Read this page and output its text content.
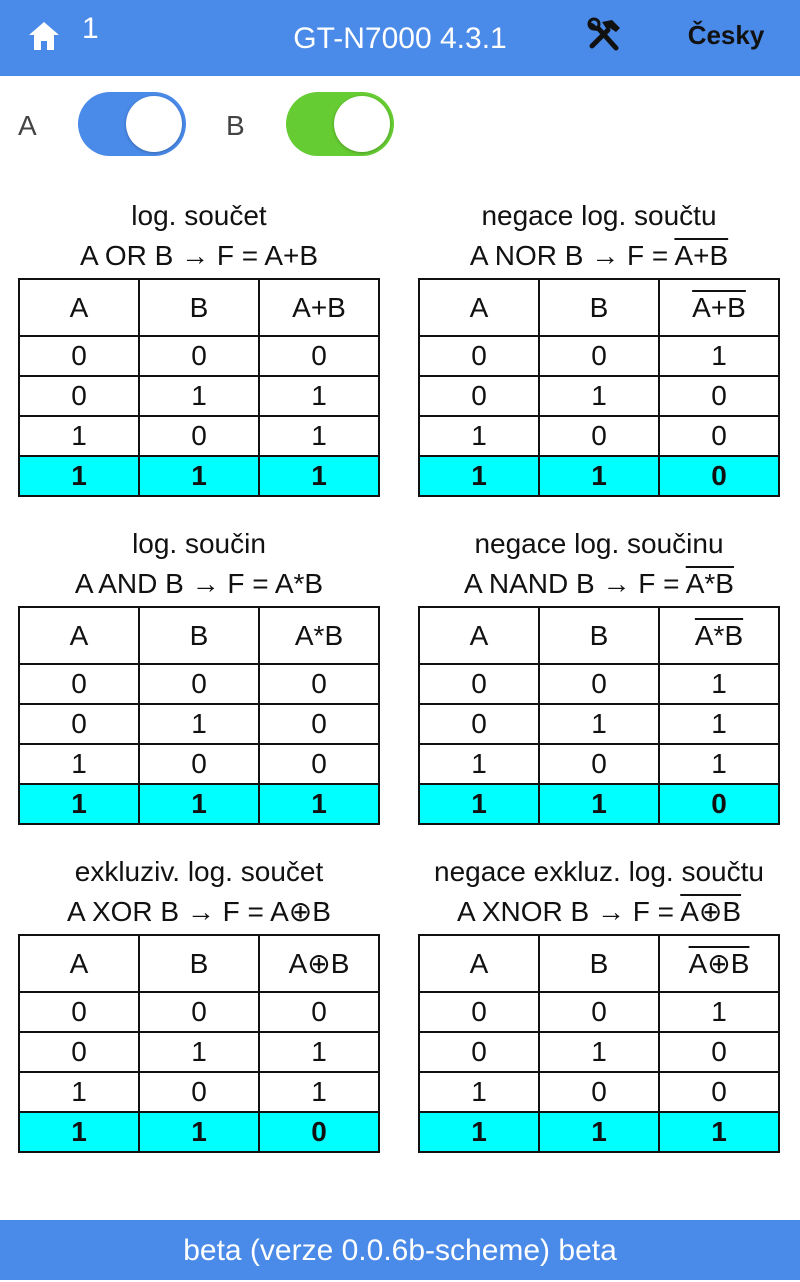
1	GT-N7000 4.3.1	Česky
A	B
log. součet
A OR B → F = A+B
A	B	A+B
0	0	0
0	1	1
1	0	1
1	1	1
negace log. součtu
A NOR B → F = A+B
A	B	A+B
0	0	1
0	1	0
1	0	0
1	1	0
log. součin
A AND B → F = A*B
A	B	A*B
0	0	0
0	1	0
1	0	0
1	1	1
negace log. součinu
A NAND B → F = A*B
A	B	A*B
0	0	1
0	1	1
1	0	1
1	1	0
exkluziv. log. součet
A XOR B → F = A⊕B
A	B	A⊕B
0	0	0
0	1	1
1	0	1
1	1	0
negace exkluz. log. součtu
A XNOR B → F = A⊕B
A	B	A⊕B
0	0	1
0	1	0
1	0	0
1	1	1
beta (verze 0.0.6b-scheme) beta
